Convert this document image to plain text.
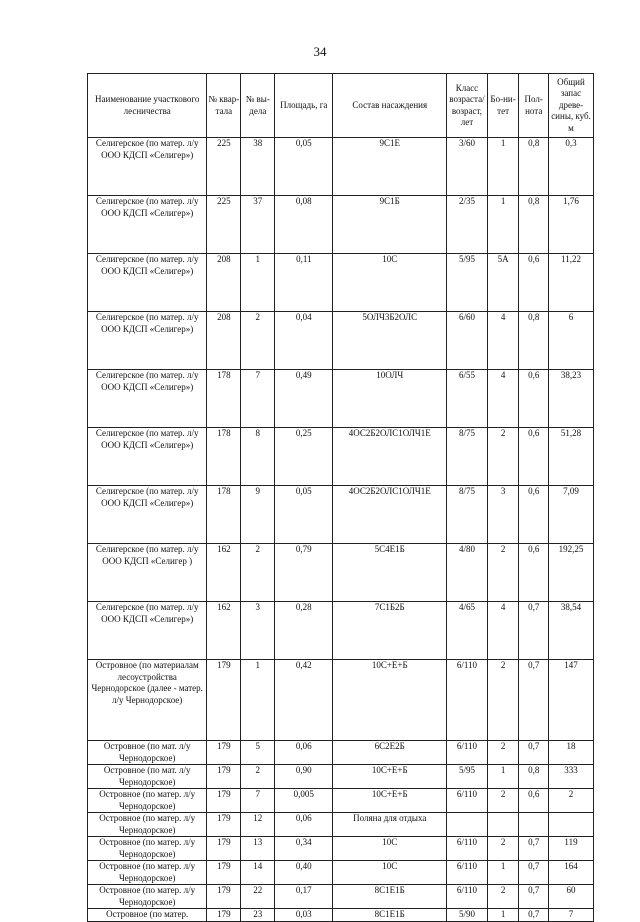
34
Наименование участкового лесничества	№ квар-тала	№ вы-дела	Площадь, га	Состав насаждения	Класс возраста/ возраст, лет	Бо-ни-тет	Пол-нота	Общий запас древе-сины, куб. м
Селигерское (по матер. л/у ООО КДСП «Селигер»)	225	38	0,05	9С1Е	3/60	1	0,8	0,3
Селигерское (по матер. л/у ООО КДСП «Селигер»)	225	37	0,08	9С1Б	2/35	1	0,8	1,76
Селигерское (по матер. л/у ООО КДСП «Селигер»)	208	1	0,11	10С	5/95	5А	0,6	11,22
Селигерское (по матер. л/у ООО КДСП «Селигер»)	208	2	0,04	5ОЛЧ3Б2ОЛС	6/60	4	0,8	6
Селигерское (по матер. л/у ООО КДСП «Селигер»)	178	7	0,49	10ОЛЧ	6/55	4	0,6	38,23
Селигерское (по матер. л/у ООО КДСП «Селигер»)	178	8	0,25	4ОС2Б2ОЛС1ОЛЧ1Е	8/75	2	0,6	51,28
Селигерское (по матер. л/у ООО КДСП «Селигер»)	178	9	0,05	4ОС2Б2ОЛС1ОЛЧ1Е	8/75	3	0,6	7,09
Селигерское (по матер. л/у ООО КДСП «Селигер )	162	2	0,79	5С4Е1Б	4/80	2	0,6	192,25
Селигерское (по матер. л/у ООО КДСП «Селигер»)	162	3	0,28	7С1Б2Б	4/65	4	0,7	38,54
Островное (по материалам лесоустройства Чернодорское (далее - матер. л/у Чернодорское)	179	1	0,42	10С+Е+Б	6/110	2	0,7	147
Островное (по мат. л/у Чернодорское)	179	5	0,06	6С2Е2Б	6/110	2	0,7	18
Островное (по мат. л/у Чернодорское)	179	2	0,90	10С+Е+Б	5/95	1	0,8	333
Островное (по матер. л/у Чернодорское)	179	7	0,005	10С+Е+Б	6/110	2	0,6	2
Островное (по матер. л/у Чернодорское)	179	12	0,06	Поляна для отдыха				
Островное (по матер. л/у Чернодорское)	179	13	0,34	10С	6/110	2	0,7	119
Островное (по матер. л/у Чернодорское)	179	14	0,40	10С	6/110	1	0,7	164
Островное (по матер. л/у Чернодорское)	179	22	0,17	8С1Е1Б	6/110	2	0,7	60
Островное (по матер.	179	23	0,03	8С1Е1Б	5/90	1	0,7	7
